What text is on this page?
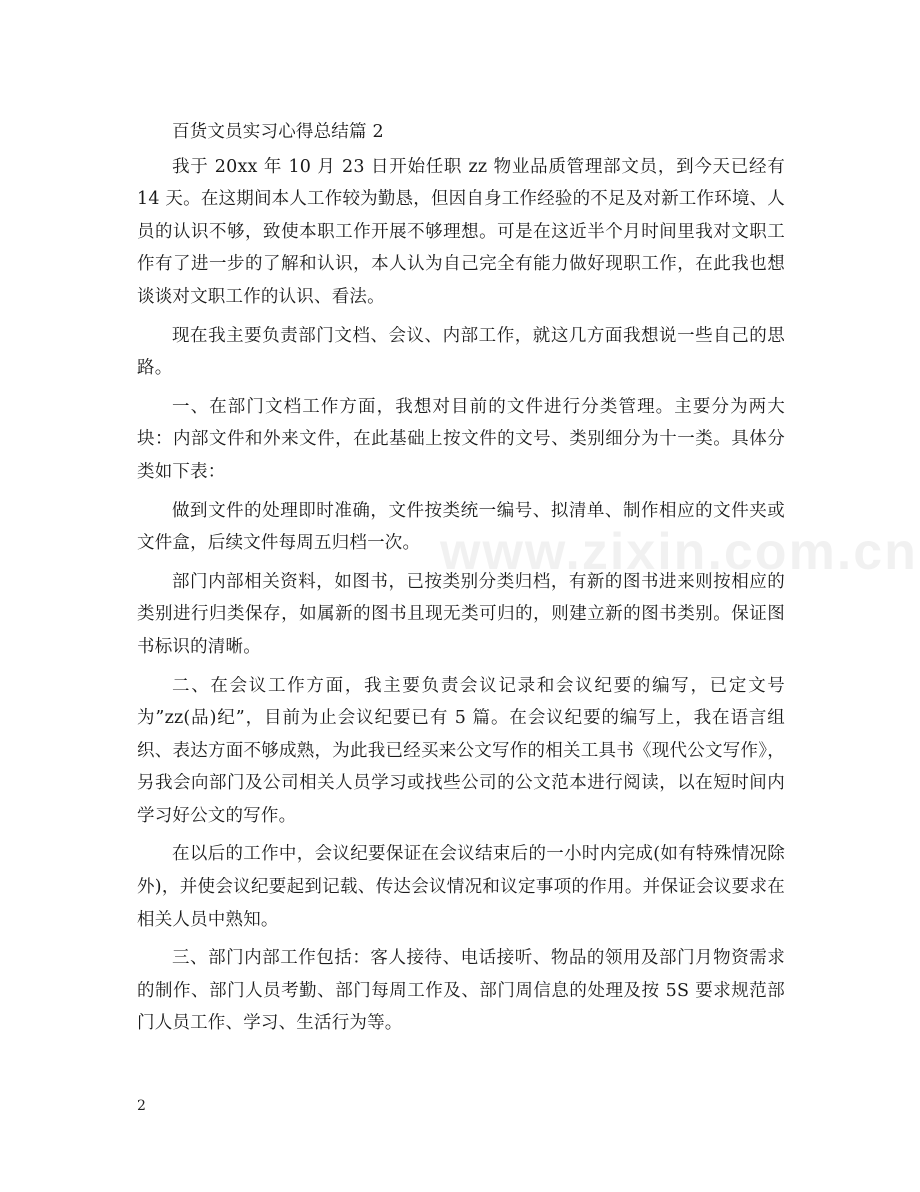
www.zixin.com.cn

百货文员实习心得总结篇 2

我于 20xx 年 10 月 23 日开始任职 zz 物业品质管理部文员，到今天已经有 14 天。在这期间本人工作较为勤恳，但因自身工作经验的不足及对新工作环境、人员的认识不够，致使本职工作开展不够理想。可是在这近半个月时间里我对文职工作有了进一步的了解和认识，本人认为自己完全有能力做好现职工作，在此我也想谈谈对文职工作的认识、看法。

现在我主要负责部门文档、会议、内部工作，就这几方面我想说一些自己的思路。

一、在部门文档工作方面，我想对目前的文件进行分类管理。主要分为两大块：内部文件和外来文件，在此基础上按文件的文号、类别细分为十一类。具体分类如下表：

做到文件的处理即时准确，文件按类统一编号、拟清单、制作相应的文件夹或文件盒，后续文件每周五归档一次。

部门内部相关资料，如图书，已按类别分类归档，有新的图书进来则按相应的类别进行归类保存，如属新的图书且现无类可归的，则建立新的图书类别。保证图书标识的清晰。

二、在会议工作方面，我主要负责会议记录和会议纪要的编写，已定文号为”zz(品)纪”，目前为止会议纪要已有 5 篇。在会议纪要的编写上，我在语言组织、表达方面不够成熟，为此我已经买来公文写作的相关工具书《现代公文写作》，另我会向部门及公司相关人员学习或找些公司的公文范本进行阅读，以在短时间内学习好公文的写作。

在以后的工作中，会议纪要保证在会议结束后的一小时内完成(如有特殊情况除外)，并使会议纪要起到记载、传达会议情况和议定事项的作用。并保证会议要求在相关人员中熟知。

三、部门内部工作包括：客人接待、电话接听、物品的领用及部门月物资需求的制作、部门人员考勤、部门每周工作及、部门周信息的处理及按 5S 要求规范部门人员工作、学习、生活行为等。

2
